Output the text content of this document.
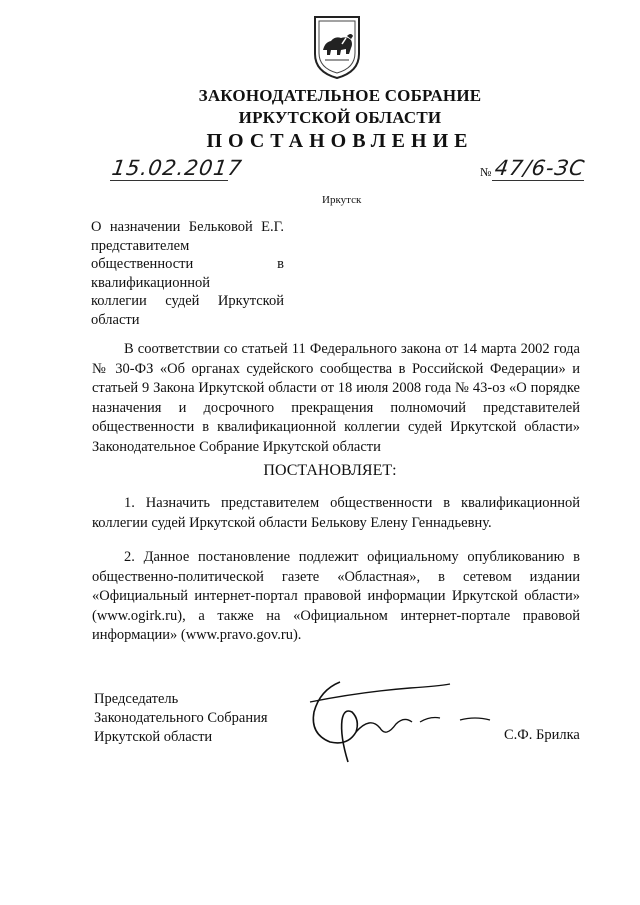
ЗАКОНОДАТЕЛЬНОЕ СОБРАНИЕ
ИРКУТСКОЙ ОБЛАСТИ
ПОСТАНОВЛЕНИЕ
15.02.2017	№ 47/6-ЗС
Иркутск
О назначении Бельковой Е.Г.
представителем общественности в квалификационной
коллегии судей Иркутской
области
В соответствии со статьей 11 Федерального закона от 14 марта 2002 года № 30-ФЗ «Об органах судейского сообщества в Российской Федерации» и статьей 9 Закона Иркутской области от 18 июля 2008 года № 43-оз «О порядке назначения и досрочного прекращения полномочий представителей общественности в квалификационной коллегии судей Иркутской области» Законодательное Собрание Иркутской области
ПОСТАНОВЛЯЕТ:
1. Назначить представителем общественности в квалификационной коллегии судей Иркутской области Белькову Елену Геннадьевну.
2. Данное постановление подлежит официальному опубликованию в общественно-политической газете «Областная», в сетевом издании «Официальный интернет-портал правовой информации Иркутской области» (www.ogirk.ru), а также на «Официальном интернет-портале правовой информации» (www.pravo.gov.ru).
Председатель
Законодательного Собрания
Иркутской области	С.Ф. Брилка
